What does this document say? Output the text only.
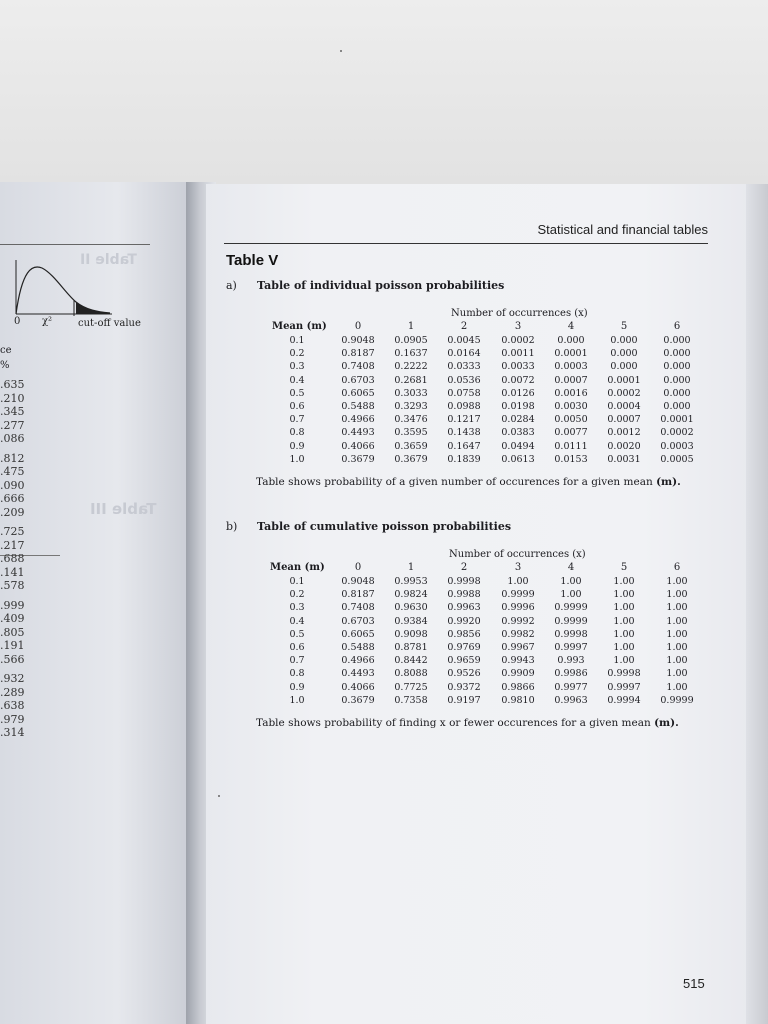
Table II
0 χ²	cut-off value
ce
%
Table III
.635
.210
.345
.277
.086
.812
.475
.090
.666
.209
.725
.217
.688
.141
.578
.999
.409
.805
.191
.566
.932
.289
.638
.979
.314
Statistical and financial tables
Table V
a) Table of individual poisson probabilities
Number of occurrences (x)
Mean (m)	0	1	2	3	4	5	6
0.1	0.9048 0.0905 0.0045 0.0002 0.000	0.000	0.000
0.2	0.8187 0.1637 0.0164 0.0011 0.0001 0.000	0.000
0.3	0.7408 0.2222 0.0333 0.0033 0.0003 0.000	0.000
0.4	0.6703 0.2681 0.0536 0.0072 0.0007 0.0001 0.000
0.5	0.6065 0.3033 0.0758 0.0126 0.0016 0.0002 0.000
0.6	0.5488 0.3293 0.0988 0.0198 0.0030 0.0004 0.000
0.7	0.4966 0.3476 0.1217 0.0284 0.0050 0.0007 0.0001
0.8	0.4493 0.3595 0.1438 0.0383 0.0077 0.0012 0.0002
0.9	0.4066 0.3659 0.1647 0.0494 0.0111 0.0020 0.0003
1.0	0.3679 0.3679 0.1839 0.0613 0.0153 0.0031 0.0005
Table shows probability of a given number of occurences for a given mean (m).
b) Table of cumulative poisson probabilities
Number of occurrences (x)
Mean (m)	0	1	2	3	4	5	6
0.1	0.9048 0.9953 0.9998	1.00	1.00	1.00	1.00
0.2	0.8187 0.9824 0.9988 0.9999	1.00	1.00	1.00
0.3	0.7408 0.9630 0.9963 0.9996 0.9999	1.00	1.00
0.4	0.6703 0.9384 0.9920 0.9992 0.9999	1.00	1.00
0.5	0.6065 0.9098 0.9856 0.9982 0.9998	1.00	1.00
0.6	0.5488 0.8781 0.9769 0.9967 0.9997	1.00	1.00
0.7	0.4966 0.8442 0.9659 0.9943 0.993	1.00	1.00
0.8	0.4493 0.8088 0.9526 0.9909 0.9986 0.9998	1.00
0.9	0.4066 0.7725 0.9372 0.9866 0.9977 0.9997	1.00
1.0	0.3679 0.7358 0.9197 0.9810 0.9963 0.9994 0.9999
Table shows probability of finding x or fewer occurences for a given mean (m).
515
